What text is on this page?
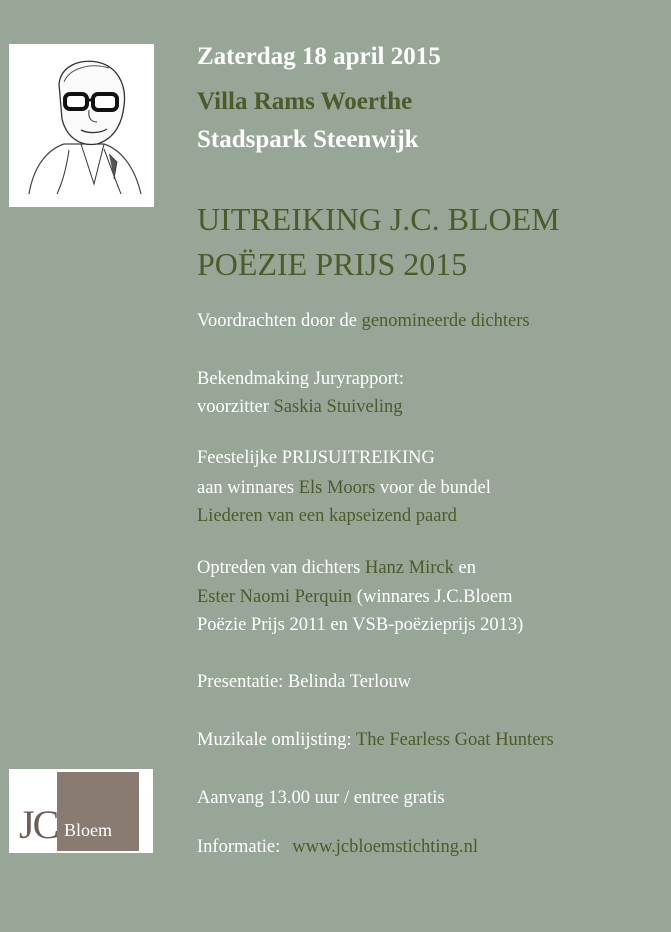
Zaterdag 18 april 2015
Villa Rams Woerthe
Stadspark Steenwijk
UITREIKING J.C. BLOEM
POËZIE PRIJS 2015
Voordrachten door de genomineerde dichters
Bekendmaking Juryrapport:
voorzitter Saskia Stuiveling
Feestelijke PRIJSUITREIKING
aan winnares Els Moors voor de bundel
Liederen van een kapseizend paard
Optreden van dichters Hanz Mirck en
Ester Naomi Perquin (winnares J.C.Bloem
Poëzie Prijs 2011 en VSB-poëzieprijs 2013)
Presentatie: Belinda Terlouw
Muzikale omlijsting: The Fearless Goat Hunters
Aanvang 13.00 uur / entree gratis
Informatie: www.jcbloemstichting.nl
JC Bloem
